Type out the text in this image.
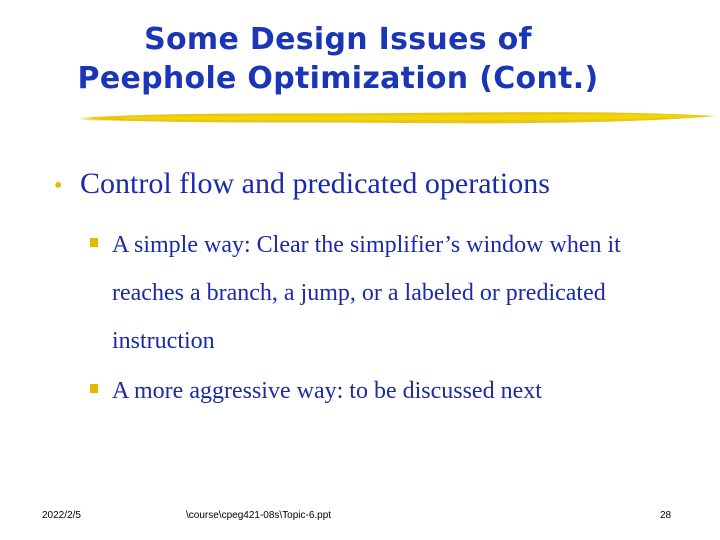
Some Design Issues of
Peephole Optimization (Cont.)
• Control flow and predicated operations
A simple way: Clear the simplifier’s window when it reaches a branch, a jump, or a labeled or predicated instruction
A more aggressive way: to be discussed next
2022/2/5	\course\cpeg421-08s\Topic-6.ppt	28
